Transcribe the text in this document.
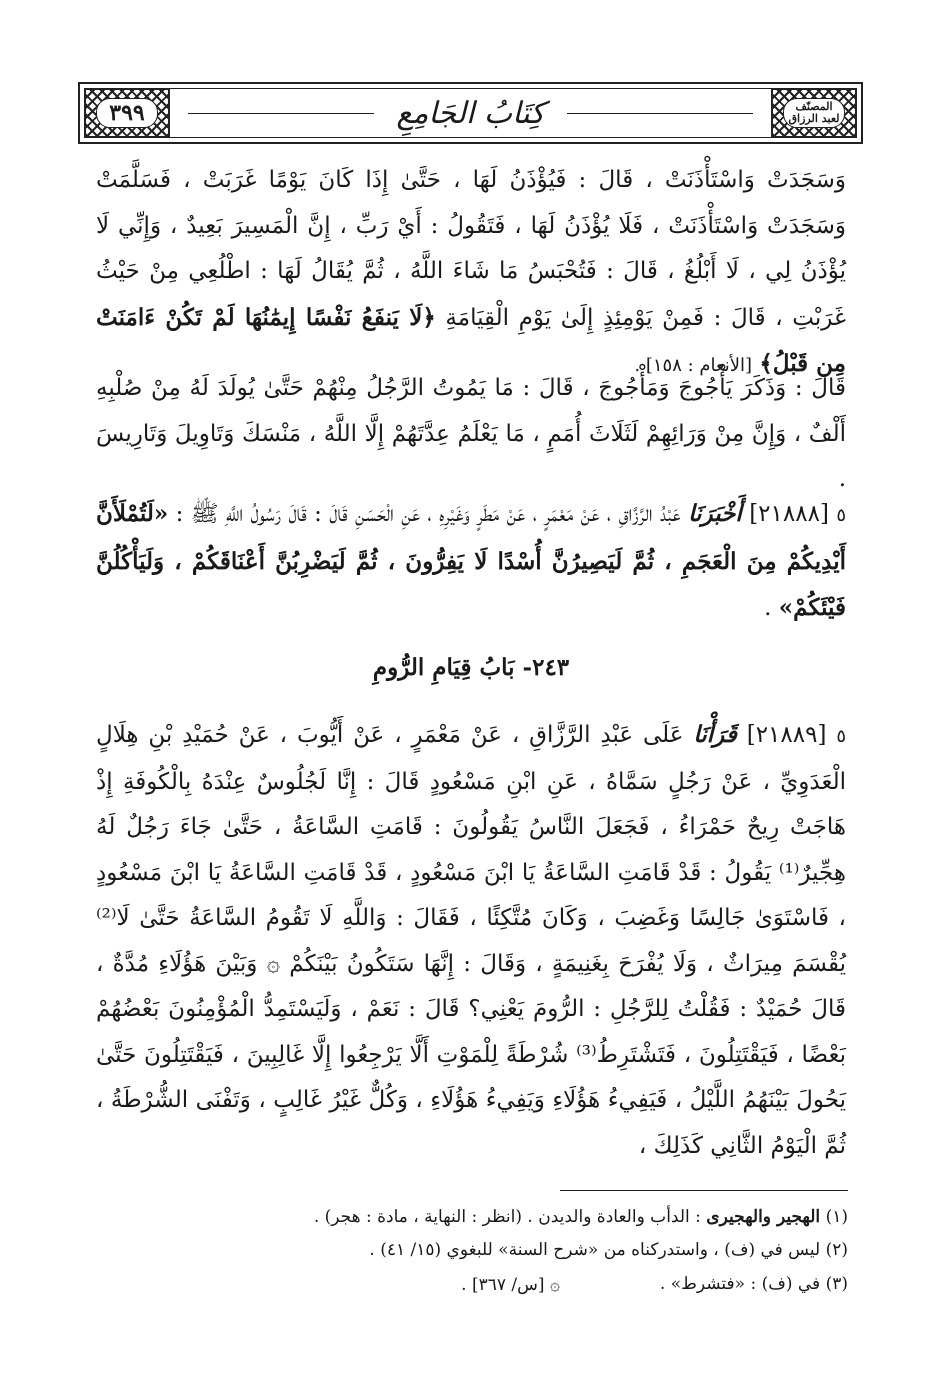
٣٩٩	كِتَابُ الجَامِعِ	المصنّف لعبد الرزاق

وَسَجَدَتْ وَاسْتَأْذَنَتْ ، قَالَ : فَيُؤْذَنُ لَهَا ، حَتَّىٰ إِذَا كَانَ يَوْمًا غَرَبَتْ ، فَسَلَّمَتْ وَسَجَدَتْ وَاسْتَأْذَنَتْ ، فَلَا يُؤْذَنُ لَهَا ، فَتَقُولُ : أَيْ رَبِّ ، إِنَّ الْمَسِيرَ بَعِيدٌ ، وَإِنِّي لَا يُؤْذَنُ لِي ، لَا أَبْلُغُ ، قَالَ : فَتُحْبَسُ مَا شَاءَ اللَّهُ ، ثُمَّ يُقَالُ لَهَا : اطْلُعِي مِنْ حَيْثُ غَرَبْتِ ، قَالَ : فَمِنْ يَوْمِئِذٍ إِلَىٰ يَوْمِ الْقِيَامَةِ ﴿لَا يَنفَعُ نَفْسًا إِيمَٰنُهَا لَمْ تَكُنْ ءَامَنَتْ مِن قَبْلُ﴾ [الأنعام : ١٥٨] .

قَالَ : وَذَكَرَ يَأْجُوجَ وَمَأْجُوجَ ، قَالَ : مَا يَمُوتُ الرَّجُلُ مِنْهُمْ حَتَّىٰ يُولَدَ لَهُ مِنْ صُلْبِهِ أَلْفٌ ، وَإِنَّ مِنْ وَرَائِهِمْ لَثَلَاثَ أُمَمٍ ، مَا يَعْلَمُ عِدَّتَهُمْ إِلَّا اللَّهُ ، مَنْسَكَ وَتَاوِيلَ وَتَارِيسَ .

٥ [٢١٨٨٨] أَخْبَرَنَا عَبْدُ الرَّزَّاقِ ، عَنْ مَعْمَرٍ ، عَنْ مَطَرٍ وَغَيْرِهِ ، عَنِ الْحَسَنِ قَالَ : قَالَ رَسُولُ اللَّهِ ﷺ : «لَتُمْلَأَنَّ أَيْدِيكُمْ مِنَ الْعَجَمِ ، ثُمَّ لَيَصِيرُنَّ أُسْدًا لَا يَفِرُّونَ ، ثُمَّ لَيَضْرِبُنَّ أَعْنَاقَكُمْ ، وَلَيَأْكُلُنَّ فَيْئَكُمْ» .

٢٤٣- بَابُ قِيَامِ الرُّومِ

٥ [٢١٨٨٩] قَرَأْنَا عَلَى عَبْدِ الرَّزَّاقِ ، عَنْ مَعْمَرٍ ، عَنْ أَيُّوبَ ، عَنْ حُمَيْدِ بْنِ هِلَالٍ الْعَدَوِيِّ ، عَنْ رَجُلٍ سَمَّاهُ ، عَنِ ابْنِ مَسْعُودٍ قَالَ : إِنَّا لَجُلُوسٌ عِنْدَهُ بِالْكُوفَةِ إِذْ هَاجَتْ رِيحٌ حَمْرَاءُ ، فَجَعَلَ النَّاسُ يَقُولُونَ : قَامَتِ السَّاعَةُ ، حَتَّىٰ جَاءَ رَجُلٌ لَهُ هِجِّيرٌ⁽¹⁾ يَقُولُ : قَدْ قَامَتِ السَّاعَةُ يَا ابْنَ مَسْعُودٍ ، قَدْ قَامَتِ السَّاعَةُ يَا ابْنَ مَسْعُودٍ ، فَاسْتَوَىٰ جَالِسًا وَغَضِبَ ، وَكَانَ مُتَّكِئًا ، فَقَالَ : وَاللَّهِ لَا تَقُومُ السَّاعَةُ حَتَّىٰ لَا⁽²⁾ يُقْسَمَ مِيرَاثٌ ، وَلَا يُفْرَحَ بِغَنِيمَةٍ ، وَقَالَ : إِنَّهَا سَتَكُونُ بَيْنَكُمْ ۞ وَبَيْنَ هَؤُلَاءِ مُدَّةٌ ، قَالَ حُمَيْدٌ : فَقُلْتُ لِلرَّجُلِ : الرُّومَ يَعْنِي؟ قَالَ : نَعَمْ ، وَلَيَسْتَمِدُّ الْمُؤْمِنُونَ بَعْضُهُمْ بَعْضًا ، فَيَقْتَتِلُونَ ، فَتَشْتَرِطُ⁽³⁾ شُرْطَةً لِلْمَوْتِ أَلَّا يَرْجِعُوا إِلَّا غَالِبِينَ ، فَيَقْتَتِلُونَ حَتَّىٰ يَحُولَ بَيْنَهُمُ اللَّيْلُ ، فَيَفِيءُ هَؤُلَاءِ وَيَفِيءُ هَؤُلَاءِ ، وَكُلٌّ غَيْرُ غَالِبٍ ، وَتَفْنَى الشُّرْطَةُ ، ثُمَّ الْيَوْمُ الثَّانِي كَذَلِكَ ،

(١) الهجير والهجيرى : الدأب والعادة والديدن . (انظر : النهاية ، مادة : هجر) .

(٢) ليس في (ف) ، واستدركناه من «شرح السنة» للبغوي (١٥/ ٤١) .

(٣) في (ف) : «فتشرط» .
۞ [س/ ٣٦٧] .
